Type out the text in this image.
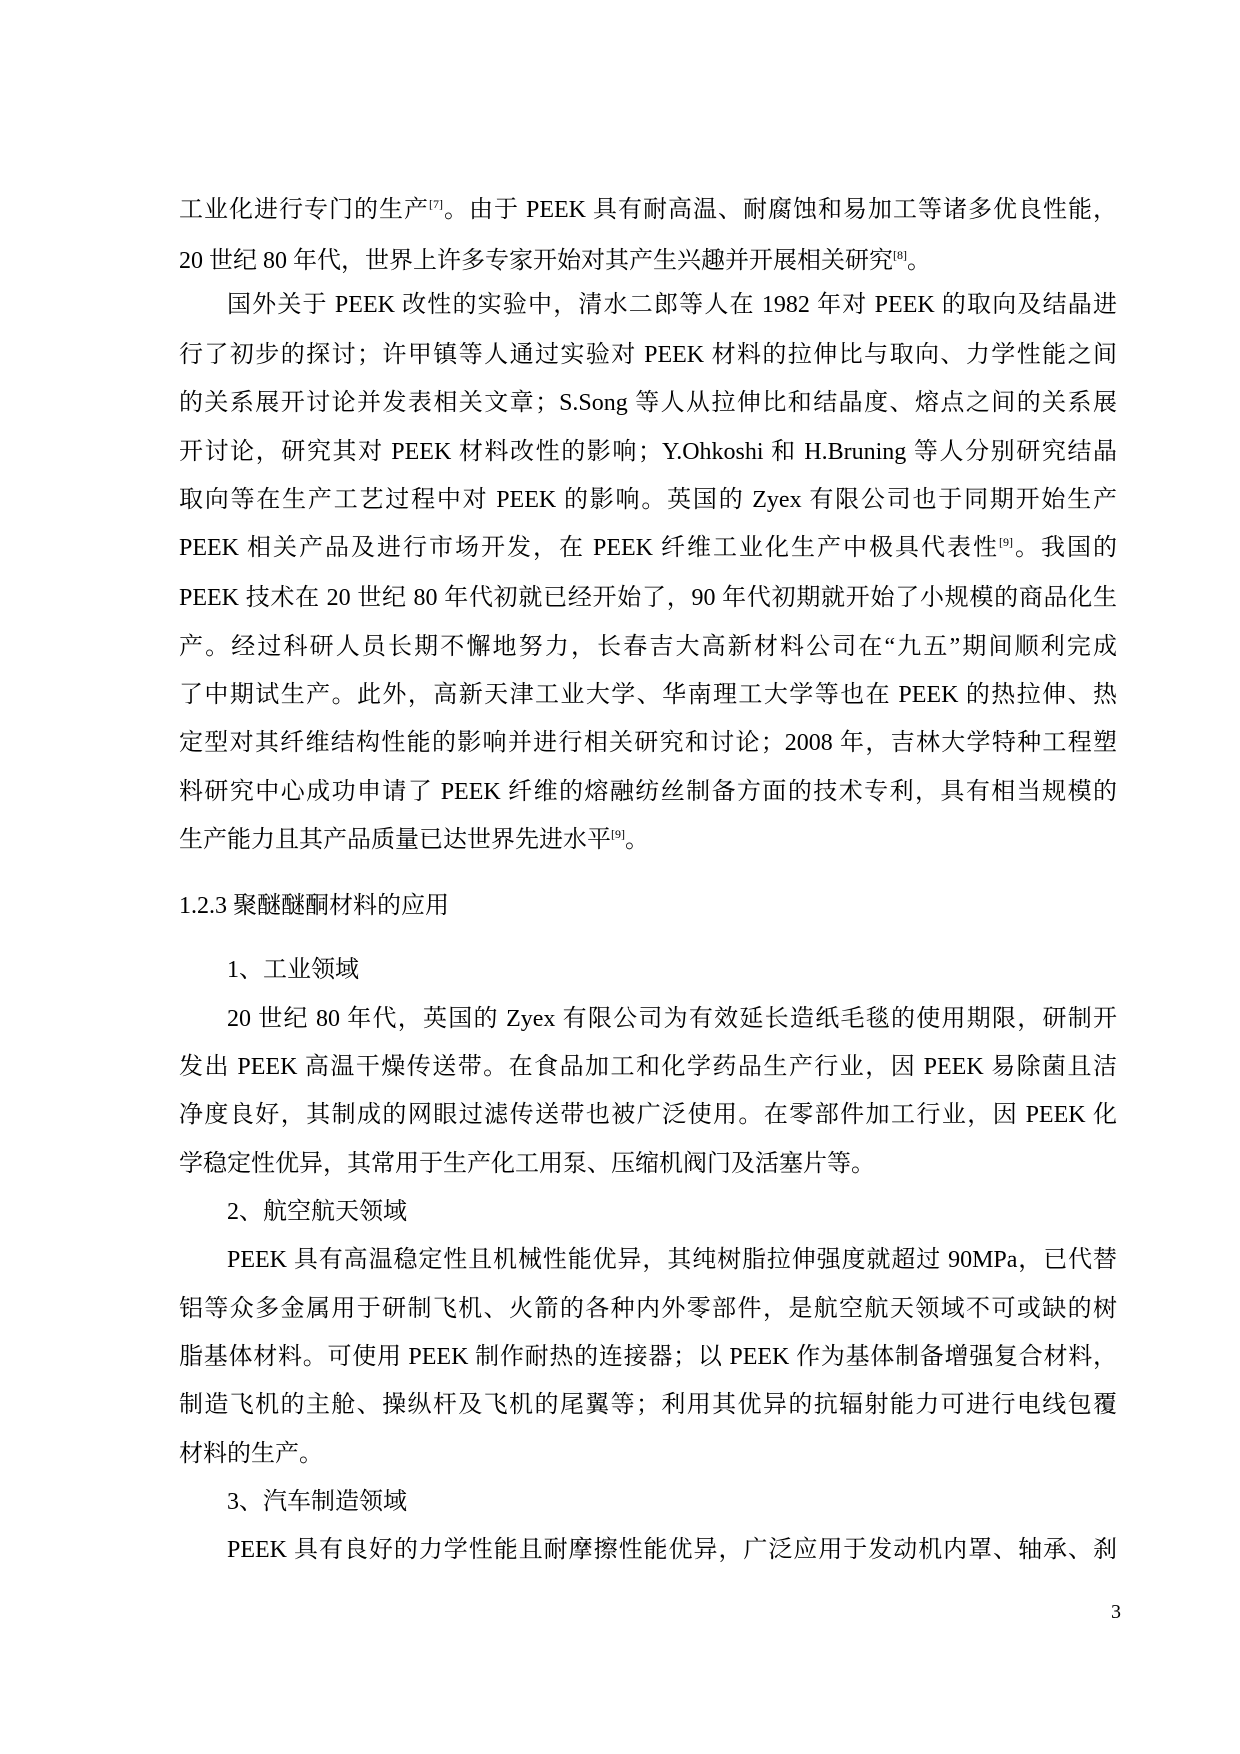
工业化进行专门的生产[7]。由于 PEEK 具有耐高温、耐腐蚀和易加工等诸多优良性能，
20 世纪 80 年代，世界上许多专家开始对其产生兴趣并开展相关研究[8]。
国外关于 PEEK 改性的实验中，清水二郎等人在 1982 年对 PEEK 的取向及结晶进
行了初步的探讨；许甲镇等人通过实验对 PEEK 材料的拉伸比与取向、力学性能之间
的关系展开讨论并发表相关文章；S.Song 等人从拉伸比和结晶度、熔点之间的关系展
开讨论，研究其对 PEEK 材料改性的影响；Y.Ohkoshi 和 H.Bruning 等人分别研究结晶
取向等在生产工艺过程中对 PEEK 的影响。英国的 Zyex 有限公司也于同期开始生产
PEEK 相关产品及进行市场开发，在 PEEK 纤维工业化生产中极具代表性[9]。我国的
PEEK 技术在 20 世纪 80 年代初就已经开始了，90 年代初期就开始了小规模的商品化生
产。经过科研人员长期不懈地努力，长春吉大高新材料公司在“九五”期间顺利完成
了中期试生产。此外，高新天津工业大学、华南理工大学等也在 PEEK 的热拉伸、热
定型对其纤维结构性能的影响并进行相关研究和讨论；2008 年，吉林大学特种工程塑
料研究中心成功申请了 PEEK 纤维的熔融纺丝制备方面的技术专利，具有相当规模的
生产能力且其产品质量已达世界先进水平[9]。
1.2.3 聚醚醚酮材料的应用
1、工业领域
20 世纪 80 年代，英国的 Zyex 有限公司为有效延长造纸毛毯的使用期限，研制开
发出 PEEK 高温干燥传送带。在食品加工和化学药品生产行业，因 PEEK 易除菌且洁
净度良好，其制成的网眼过滤传送带也被广泛使用。在零部件加工行业，因 PEEK 化
学稳定性优异，其常用于生产化工用泵、压缩机阀门及活塞片等。
2、航空航天领域
PEEK 具有高温稳定性且机械性能优异，其纯树脂拉伸强度就超过 90MPa，已代替
铝等众多金属用于研制飞机、火箭的各种内外零部件，是航空航天领域不可或缺的树
脂基体材料。可使用 PEEK 制作耐热的连接器；以 PEEK 作为基体制备增强复合材料，
制造飞机的主舱、操纵杆及飞机的尾翼等；利用其优异的抗辐射能力可进行电线包覆
材料的生产。
3、汽车制造领域
PEEK 具有良好的力学性能且耐摩擦性能优异，广泛应用于发动机内罩、轴承、刹
3
